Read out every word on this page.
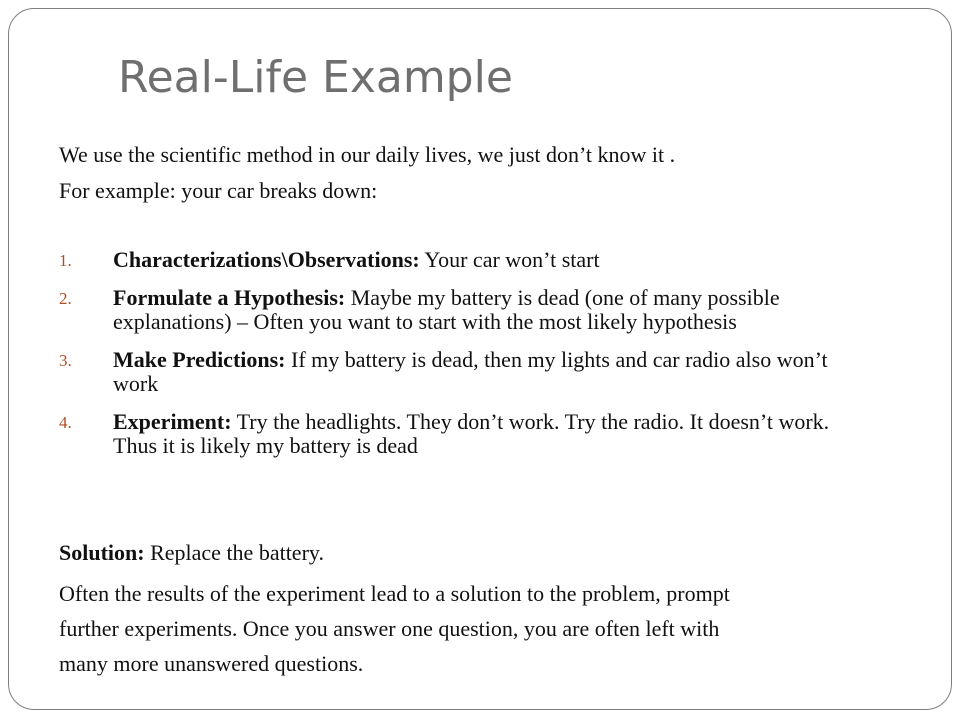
Real-Life Example

We use the scientific method in our daily lives, we just don’t know it .

For example: your car breaks down:

1.	Characterizations\Observations: Your car won’t start
2.	Formulate a Hypothesis: Maybe my battery is dead (one of many possible explanations) – Often you want to start with the most likely hypothesis
3.	Make Predictions: If my battery is dead, then my lights and car radio also won’t work
4.	Experiment: Try the headlights. They don’t work. Try the radio. It doesn’t work. Thus it is likely my battery is dead

Solution: Replace the battery.

Often the results of the experiment lead to a solution to the problem, prompt
further experiments. Once you answer one question, you are often left with
many more unanswered questions.
